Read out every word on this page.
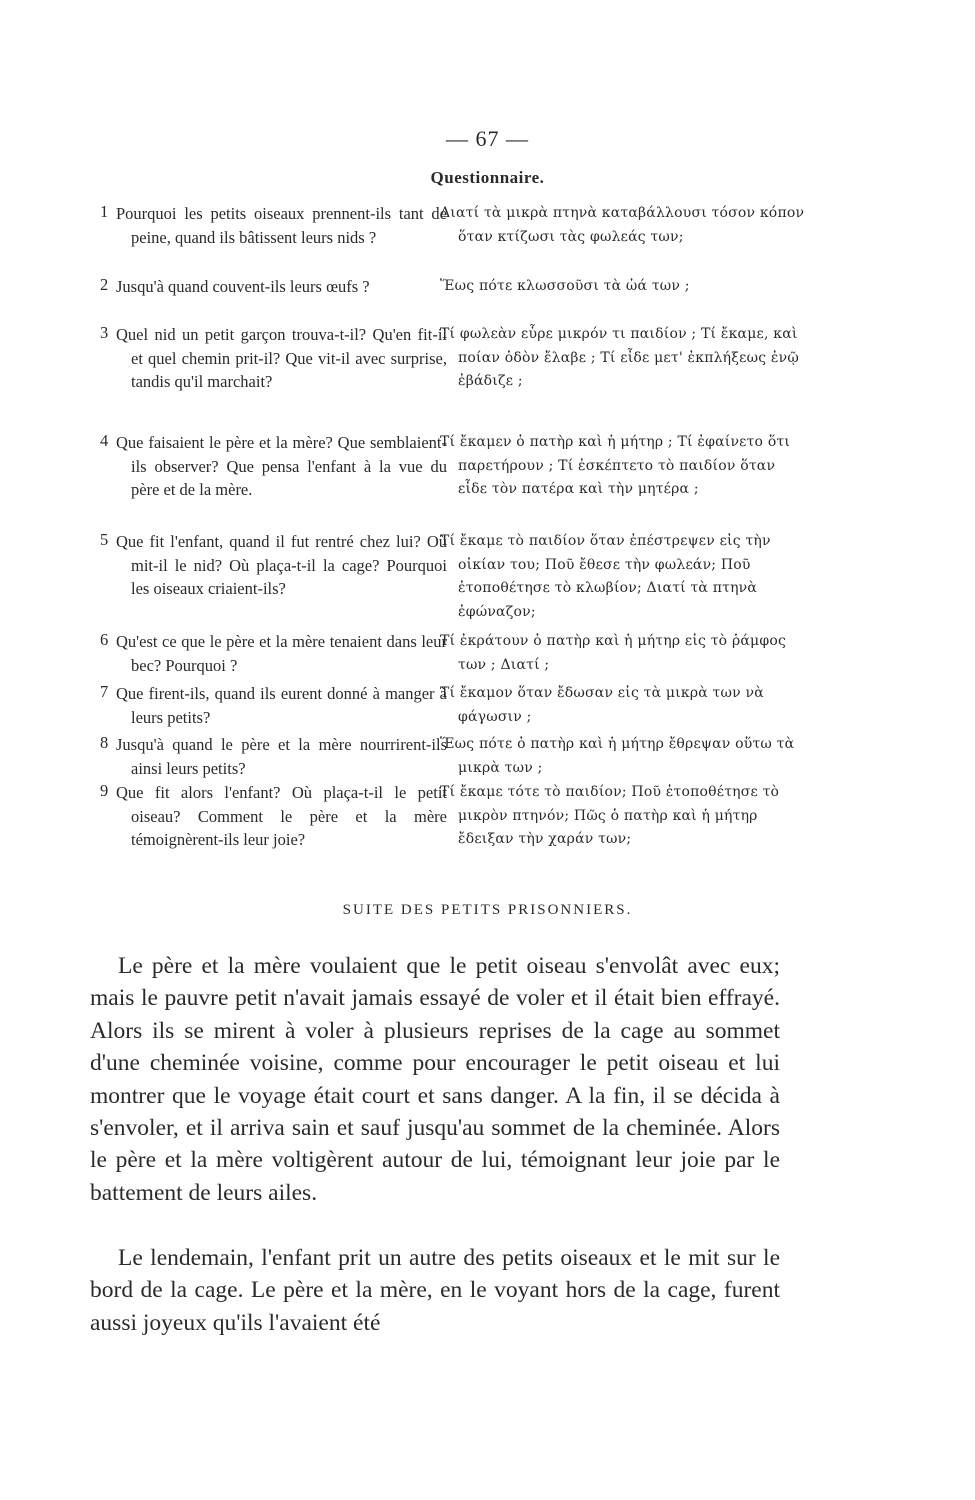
— 67 —
Questionnaire.
1 Pourquoi les petits oiseaux prennent-ils tant de peine, quand ils bâtissent leurs nids ?
Διατί τὰ μικρὰ πτηνὰ καταβάλλουσι τόσον κόπον ὅταν κτίζωσι τὰς φωλεάς των;
2 Jusqu'à quand couvent-ils leurs œufs ?	Ἕως πότε κλωσσοῦσι τὰ ὠά των ;
3 Quel nid un petit garçon trouva-t-il? Qu'en fit-il et quel chemin prit-il? Que vit-il avec surprise, tandis qu'il marchait?
Τί φωλεὰν εὗρε μικρόν τι παιδίον ; Τί ἔκαμε, καὶ ποίαν ὁδὸν ἔλαβε ; Τί εἶδε μετ' ἐκπλήξεως ἐνῷ ἐβάδιζε ;
4 Que faisaient le père et la mère? Que semblaient-ils observer? Que pensa l'enfant à la vue du père et de la mère.
Τί ἔκαμεν ὁ πατὴρ καὶ ἡ μήτηρ ; Τί ἐφαίνετο ὅτι παρετήρουν ; Τί ἐσκέπτετο τὸ παιδίον ὅταν εἶδε τὸν πατέρα καὶ τὴν μητέρα ;
5 Que fit l'enfant, quand il fut rentré chez lui? Où mit-il le nid? Où plaça-t-il la cage? Pourquoi les oiseaux criaient-ils?
Τί ἔκαμε τὸ παιδίον ὅταν ἐπέστρεψεν εἰς τὴν οἰκίαν του; Ποῦ ἔθεσε τὴν φωλεάν; Ποῦ ἐτοποθέτησε τὸ κλωβίον; Διατί τὰ πτηνὰ ἐφώναζον;
6 Qu'est ce que le père et la mère tenaient dans leur bec? Pourquoi ?
Τί ἐκράτουν ὁ πατὴρ καὶ ἡ μήτηρ εἰς τὸ ῥάμφος των ; Διατί ;
7 Que firent-ils, quand ils eurent donné à manger à leurs petits?
Τί ἔκαμον ὅταν ἔδωσαν εἰς τὰ μικρὰ των νὰ φάγωσιν ;
8 Jusqu'à quand le père et la mère nourrirent-ils ainsi leurs petits?
Ἕως πότε ὁ πατὴρ καὶ ἡ μήτηρ ἔθρεψαν οὕτω τὰ μικρὰ των ;
9 Que fit alors l'enfant? Où plaça-t-il le petit oiseau? Comment le père et la mère témoignèrent-ils leur joie?
Τί ἔκαμε τότε τὸ παιδίον; Ποῦ ἐτοποθέτησε τὸ μικρὸν πτηνόν; Πῶς ὁ πατὴρ καὶ ἡ μήτηρ ἔδειξαν τὴν χαράν των;
SUITE DES PETITS PRISONNIERS.

Le père et la mère voulaient que le petit oiseau s'envolât avec eux; mais le pauvre petit n'avait jamais essayé de voler et il était bien effrayé. Alors ils se mirent à voler à plusieurs reprises de la cage au sommet d'une cheminée voisine, comme pour encourager le petit oiseau et lui montrer que le voyage était court et sans danger. A la fin, il se décida à s'envoler, et il arriva sain et sauf jusqu'au sommet de la cheminée. Alors le père et la mère voltigèrent autour de lui, témoignant leur joie par le battement de leurs ailes.

Le lendemain, l'enfant prit un autre des petits oiseaux et le mit sur le bord de la cage. Le père et la mère, en le voyant hors de la cage, furent aussi joyeux qu'ils l'avaient été
